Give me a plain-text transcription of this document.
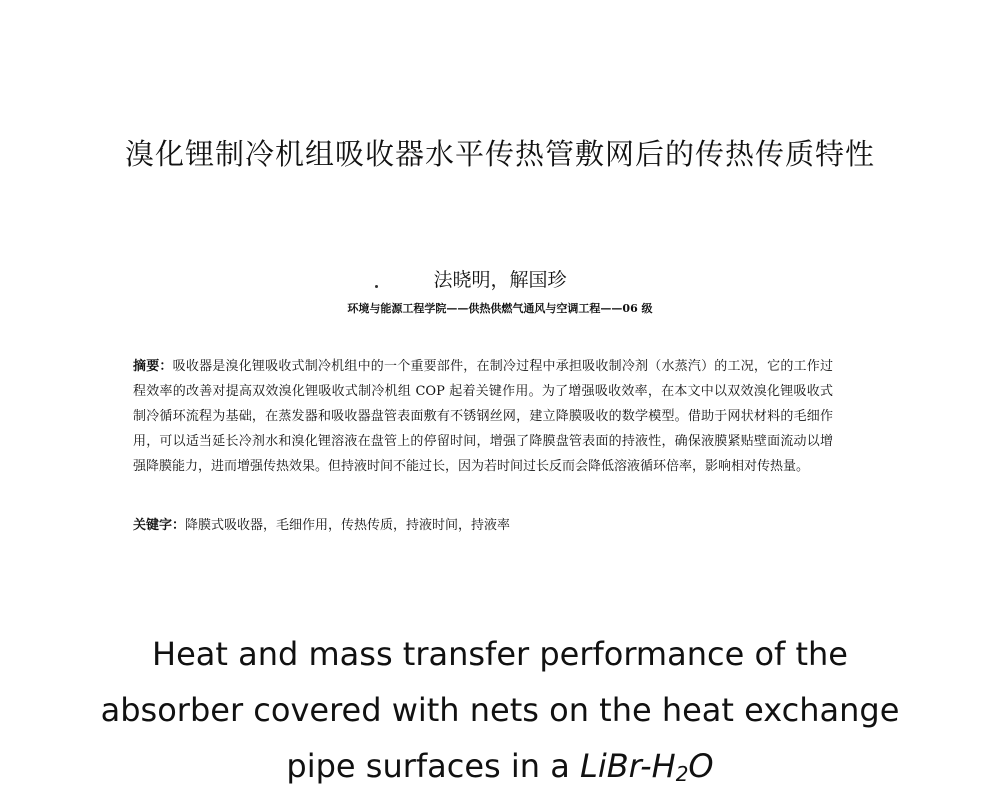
溴化锂制冷机组吸收器水平传热管敷网后的传热传质特性
法晓明，解国珍
环境与能源工程学院——供热供燃气通风与空调工程——06 级
摘要：吸收器是溴化锂吸收式制冷机组中的一个重要部件，在制冷过程中承担吸收制冷剂（水蒸汽）的工况，它的工作过程效率的改善对提高双效溴化锂吸收式制冷机组 COP 起着关键作用。为了增强吸收效率，在本文中以双效溴化锂吸收式制冷循环流程为基础，在蒸发器和吸收器盘管表面敷有不锈钢丝网，建立降膜吸收的数学模型。借助于网状材料的毛细作用，可以适当延长冷剂水和溴化锂溶液在盘管上的停留时间，增强了降膜盘管表面的持液性，确保液膜紧贴壁面流动以增强降膜能力，进而增强传热效果。但持液时间不能过长，因为若时间过长反而会降低溶液循环倍率，影响相对传热量。
关键字：降膜式吸收器，毛细作用，传热传质，持液时间，持液率
Heat and mass transfer performance of the absorber covered with nets on the heat exchange pipe surfaces in a LiBr-$H_2O$
